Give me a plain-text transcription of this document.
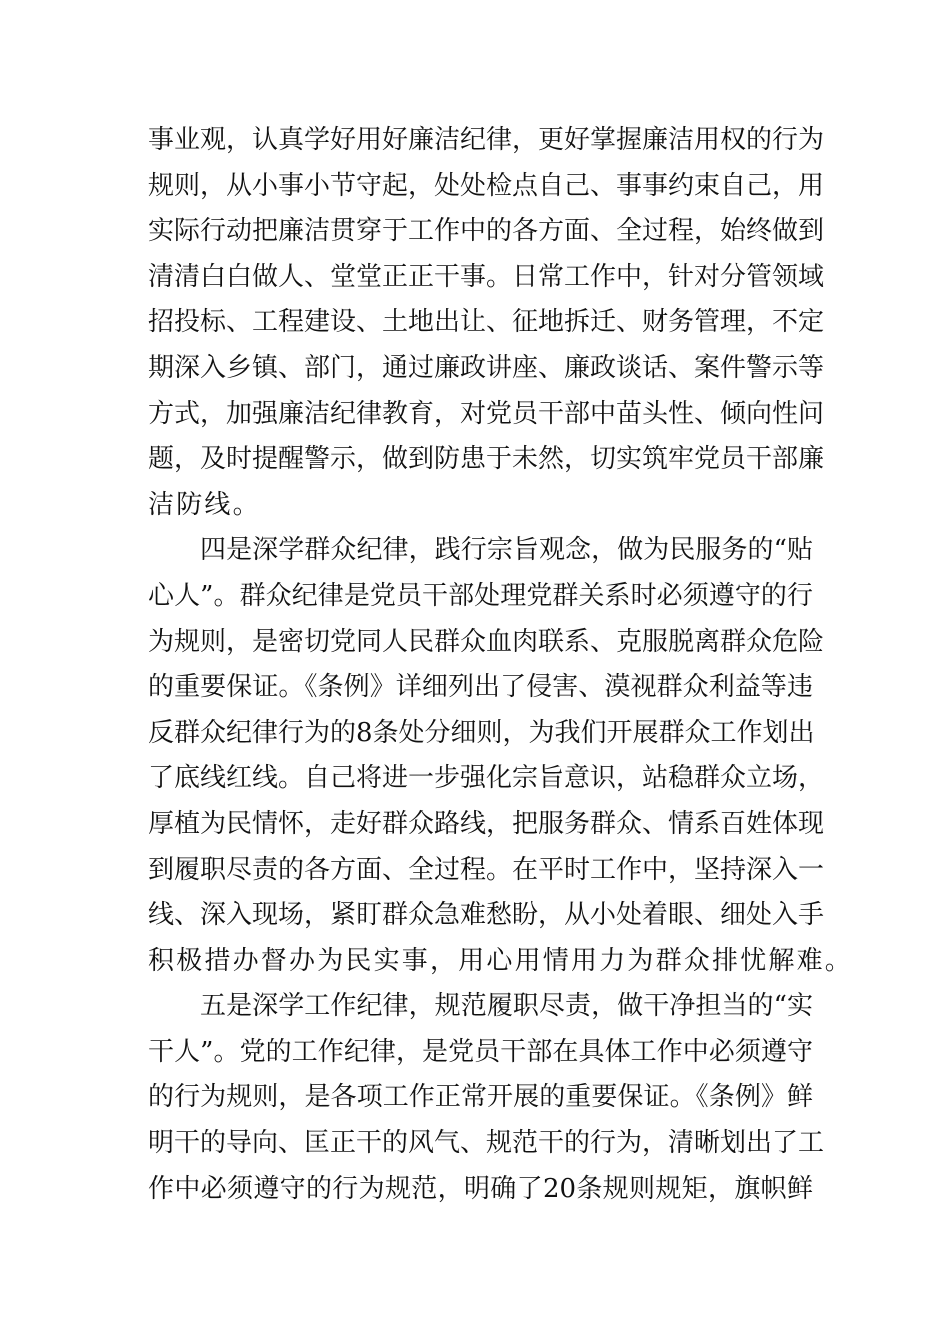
事业观，认真学好用好廉洁纪律，更好掌握廉洁用权的行为
规则，从小事小节守起，处处检点自己、事事约束自己，用
实际行动把廉洁贯穿于工作中的各方面、全过程，始终做到
清清白白做人、堂堂正正干事。日常工作中，针对分管领域
招投标、工程建设、土地出让、征地拆迁、财务管理，不定
期深入乡镇、部门，通过廉政讲座、廉政谈话、案件警示等
方式，加强廉洁纪律教育，对党员干部中苗头性、倾向性问
题，及时提醒警示，做到防患于未然，切实筑牢党员干部廉
洁防线。
四是深学群众纪律，践行宗旨观念，做为民服务的“贴
心人”。群众纪律是党员干部处理党群关系时必须遵守的行
为规则，是密切党同人民群众血肉联系、克服脱离群众危险
的重要保证。《条例》详细列出了侵害、漠视群众利益等违
反群众纪律行为的8条处分细则，为我们开展群众工作划出
了底线红线。自己将进一步强化宗旨意识，站稳群众立场，
厚植为民情怀，走好群众路线，把服务群众、情系百姓体现
到履职尽责的各方面、全过程。在平时工作中，坚持深入一
线、深入现场，紧盯群众急难愁盼，从小处着眼、细处入手
积极措办督办为民实事，用心用情用力为群众排忧解难。
五是深学工作纪律，规范履职尽责，做干净担当的“实
干人”。党的工作纪律，是党员干部在具体工作中必须遵守
的行为规则，是各项工作正常开展的重要保证。《条例》鲜
明干的导向、匡正干的风气、规范干的行为，清晰划出了工
作中必须遵守的行为规范，明确了20条规则规矩，旗帜鲜
